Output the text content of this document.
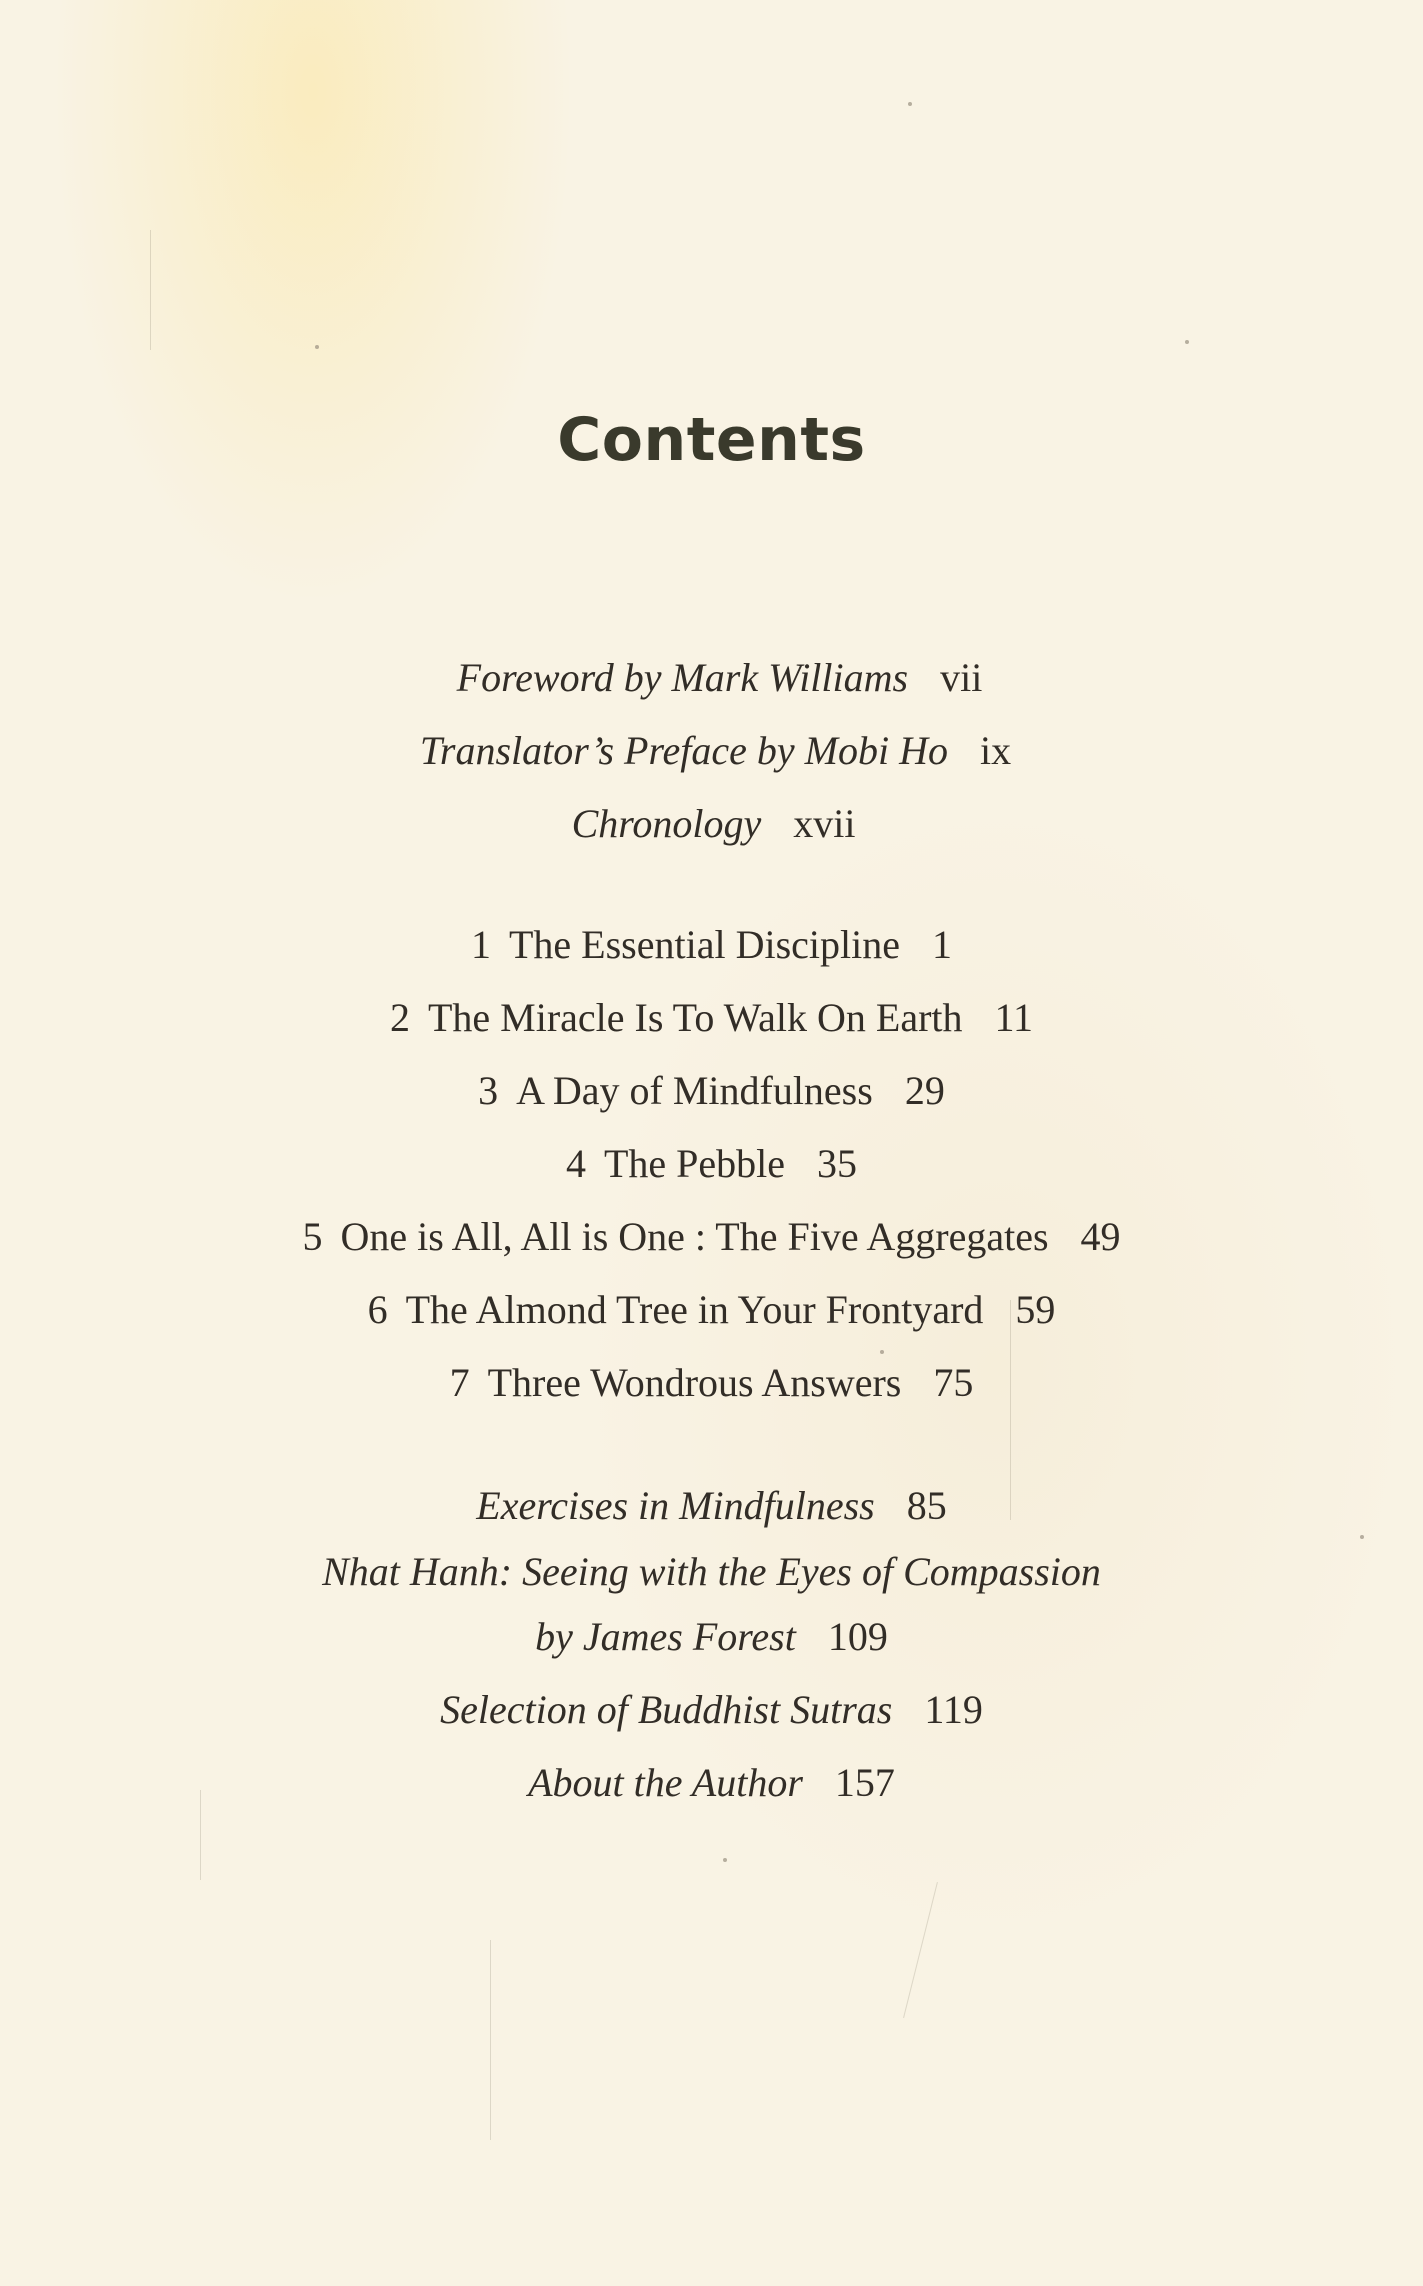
Contents
Foreword by Mark Williams vii
Translator’s Preface by Mobi Ho ix
Chronology xvii
1 The Essential Discipline 1
2 The Miracle Is To Walk On Earth 11
3 A Day of Mindfulness 29
4 The Pebble 35
5 One is All, All is One : The Five Aggregates 49
6 The Almond Tree in Your Frontyard 59
7 Three Wondrous Answers 75
Exercises in Mindfulness 85
Nhat Hanh: Seeing with the Eyes of Compassion
by James Forest 109
Selection of Buddhist Sutras 119
About the Author 157
